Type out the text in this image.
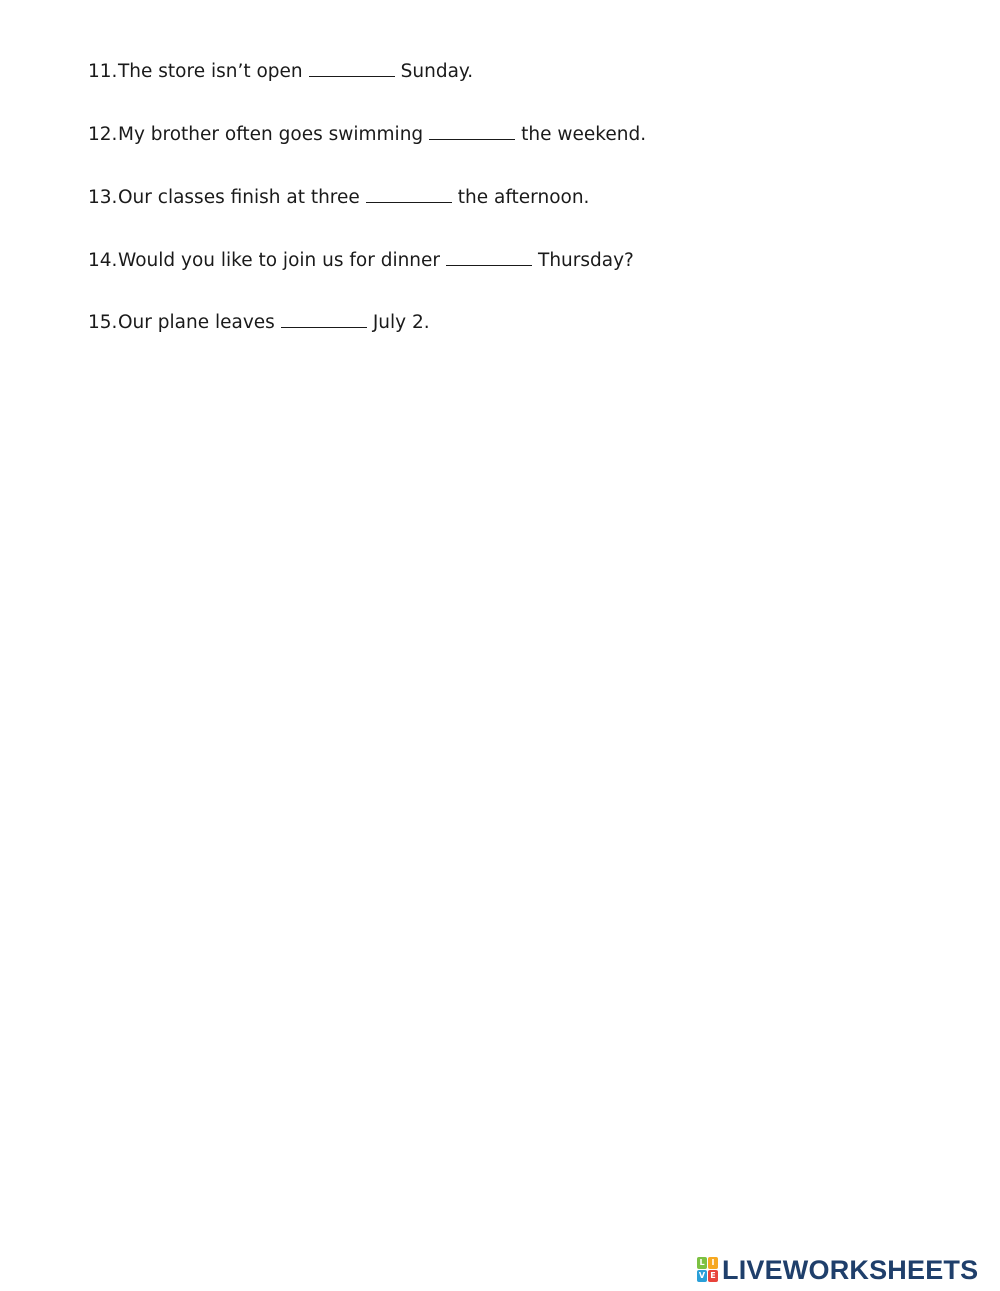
11. The store isn’t open	Sunday.
12. My brother often goes swimming	the weekend.
13. Our classes finish at three	the afternoon.
14. Would you like to join us for dinner	Thursday?
15. Our plane leaves	July 2.
L I
V E LIVEWORKSHEETS
